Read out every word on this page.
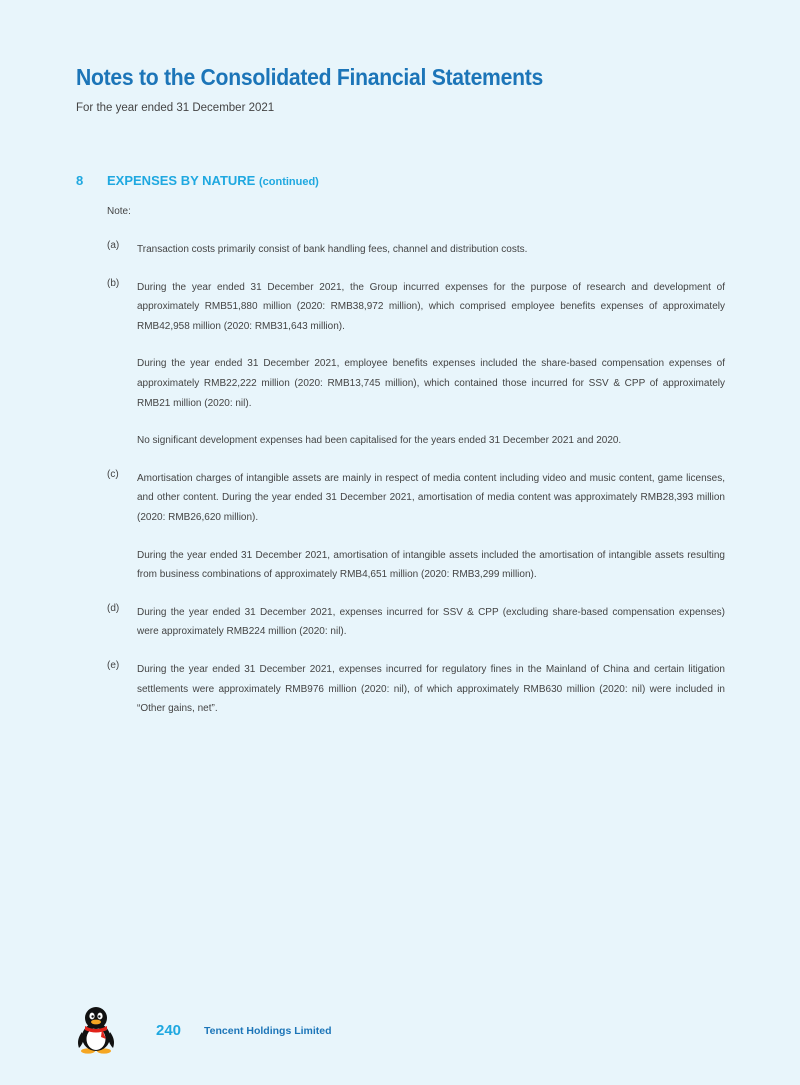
Notes to the Consolidated Financial Statements
For the year ended 31 December 2021
8 EXPENSES BY NATURE (continued)
Note:
(a) Transaction costs primarily consist of bank handling fees, channel and distribution costs.

(b) During the year ended 31 December 2021, the Group incurred expenses for the purpose of research and development of approximately RMB51,880 million (2020: RMB38,972 million), which comprised employee benefits expenses of approximately RMB42,958 million (2020: RMB31,643 million).

During the year ended 31 December 2021, employee benefits expenses included the share-based compensation expenses of approximately RMB22,222 million (2020: RMB13,745 million), which contained those incurred for SSV & CPP of approximately RMB21 million (2020: nil).

No significant development expenses had been capitalised for the years ended 31 December 2021 and 2020.

(c) Amortisation charges of intangible assets are mainly in respect of media content including video and music content, game licenses, and other content. During the year ended 31 December 2021, amortisation of media content was approximately RMB28,393 million (2020: RMB26,620 million).

During the year ended 31 December 2021, amortisation of intangible assets included the amortisation of intangible assets resulting from business combinations of approximately RMB4,651 million (2020: RMB3,299 million).

(d) During the year ended 31 December 2021, expenses incurred for SSV & CPP (excluding share-based compensation expenses) were approximately RMB224 million (2020: nil).

(e) During the year ended 31 December 2021, expenses incurred for regulatory fines in the Mainland of China and certain litigation settlements were approximately RMB976 million (2020: nil), of which approximately RMB630 million (2020: nil) were included in “Other gains, net”.

240 Tencent Holdings Limited
